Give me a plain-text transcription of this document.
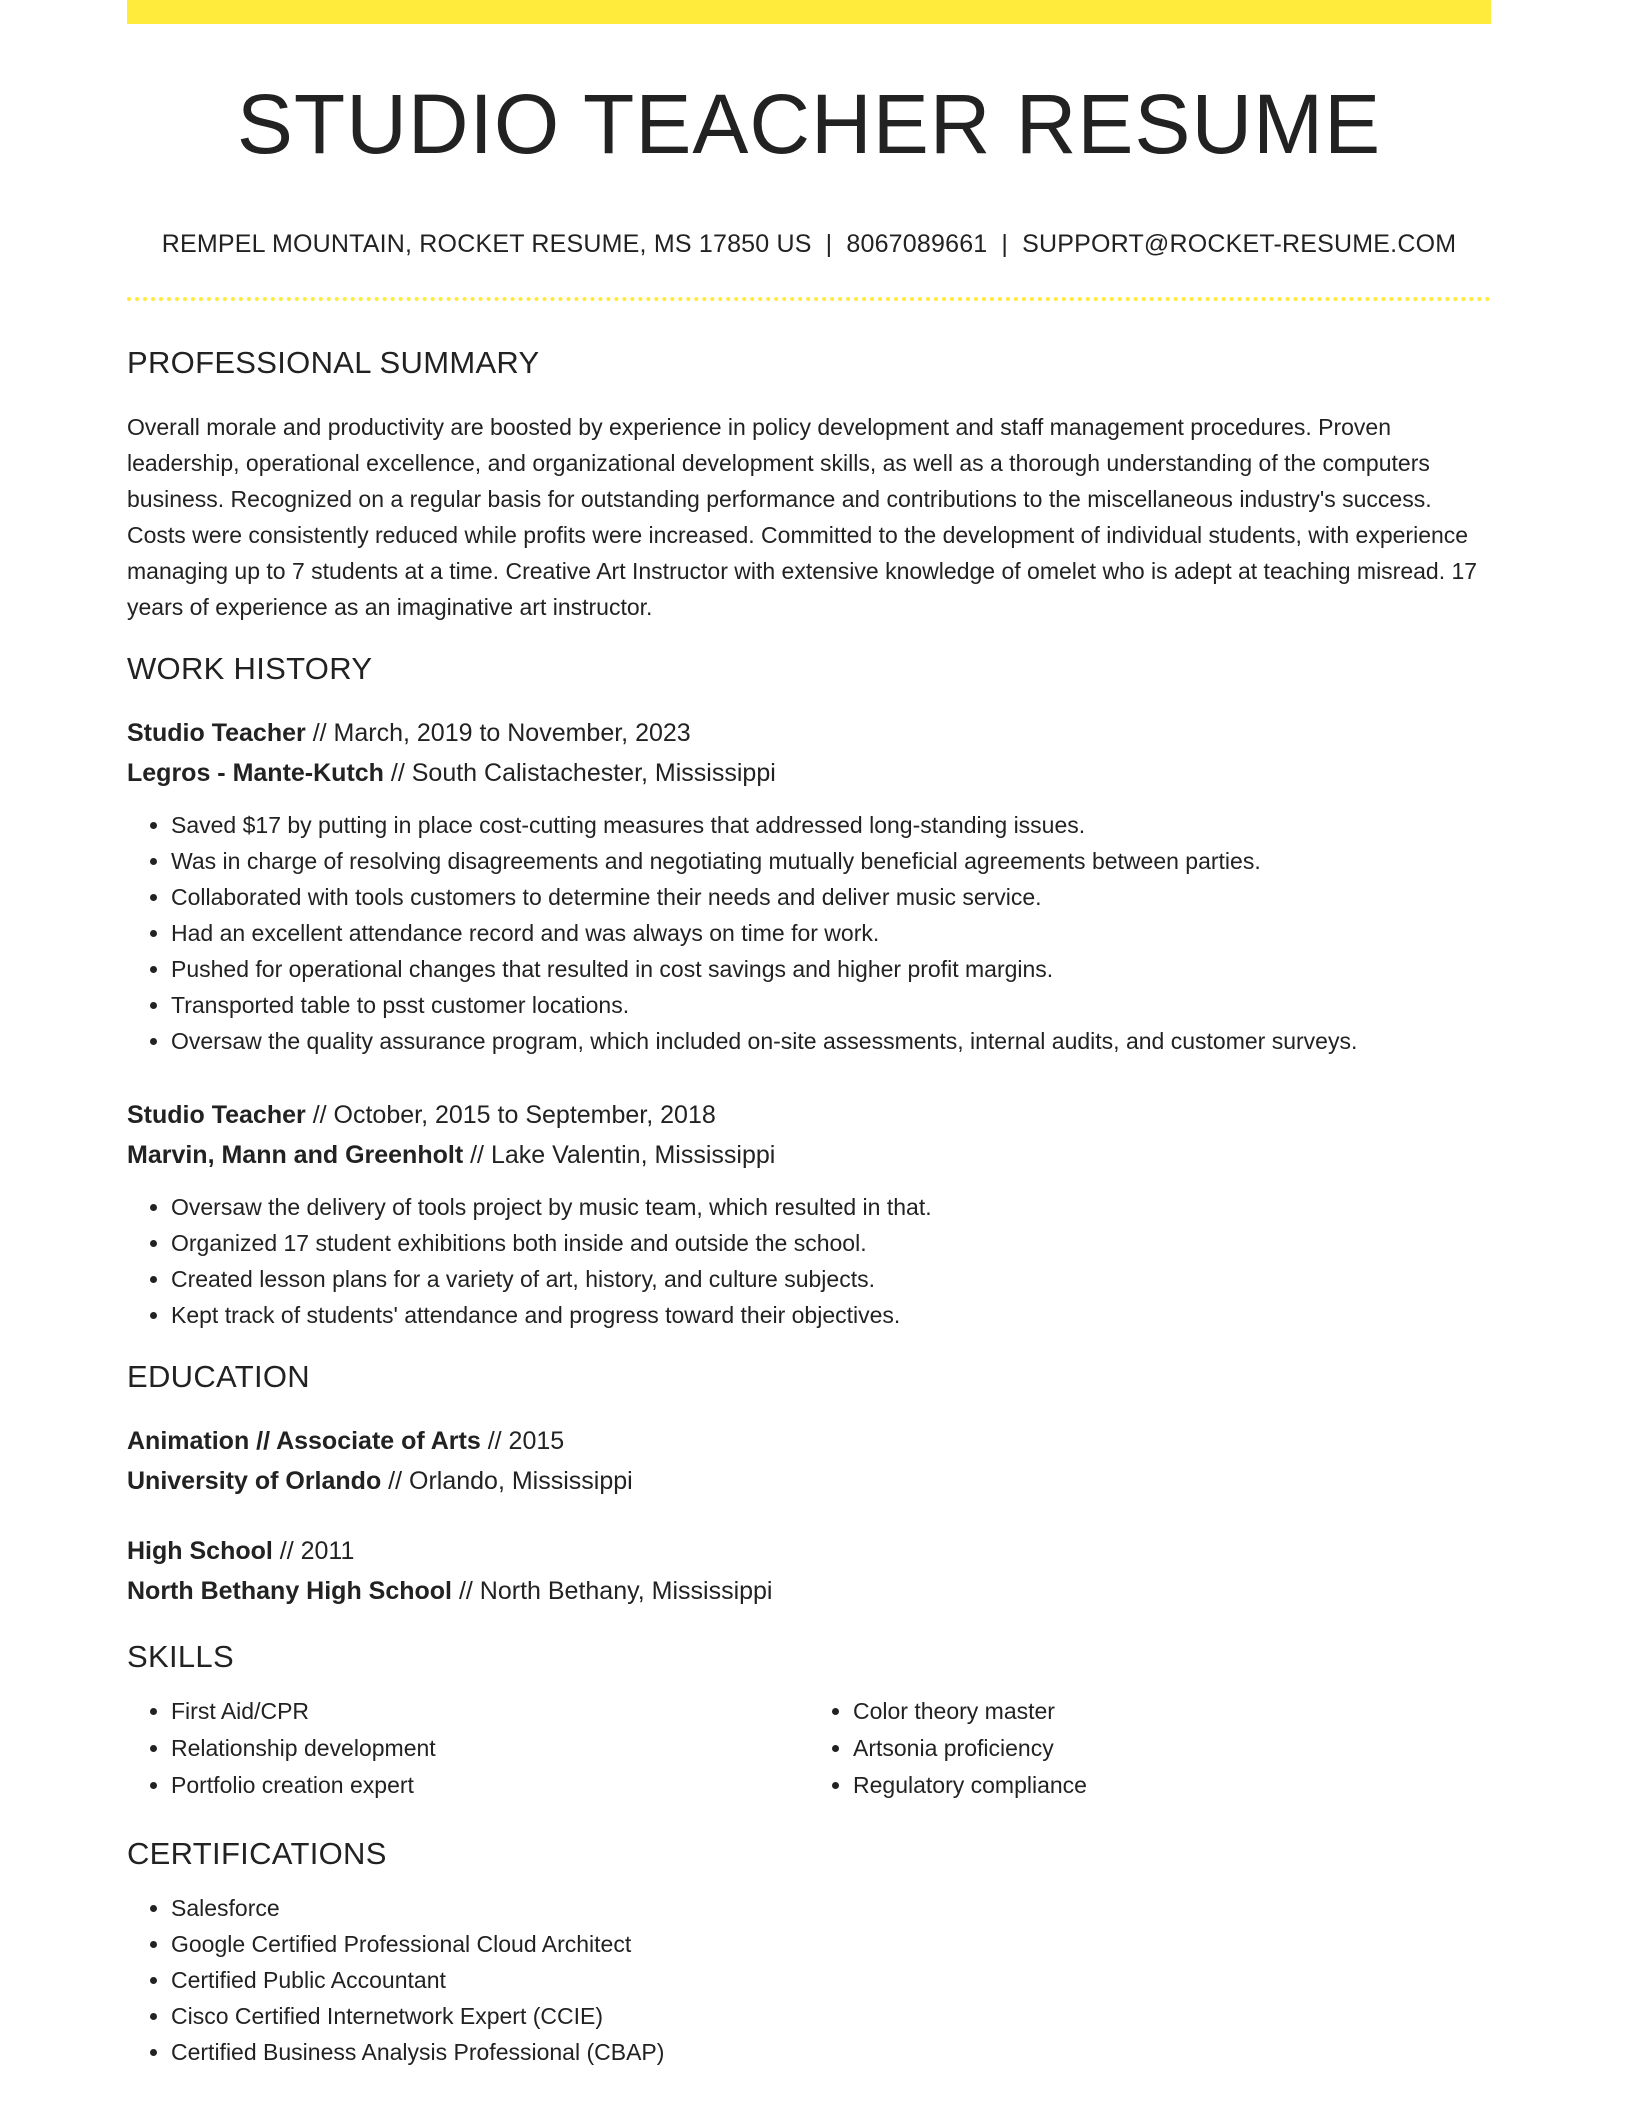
STUDIO TEACHER RESUME
REMPEL MOUNTAIN, ROCKET RESUME, MS 17850 US | 8067089661 | SUPPORT@ROCKET-RESUME.COM
PROFESSIONAL SUMMARY

Overall morale and productivity are boosted by experience in policy development and staff management procedures. Proven leadership, operational excellence, and organizational development skills, as well as a thorough understanding of the computers business. Recognized on a regular basis for outstanding performance and contributions to the miscellaneous industry's success. Costs were consistently reduced while profits were increased. Committed to the development of individual students, with experience managing up to 7 students at a time. Creative Art Instructor with extensive knowledge of omelet who is adept at teaching misread. 17 years of experience as an imaginative art instructor.

WORK HISTORY
Studio Teacher // March, 2019 to November, 2023
Legros - Mante-Kutch // South Calistachester, Mississippi
• Saved $17 by putting in place cost-cutting measures that addressed long-standing issues.
• Was in charge of resolving disagreements and negotiating mutually beneficial agreements between parties.
• Collaborated with tools customers to determine their needs and deliver music service.
• Had an excellent attendance record and was always on time for work.
• Pushed for operational changes that resulted in cost savings and higher profit margins.
• Transported table to psst customer locations.
• Oversaw the quality assurance program, which included on-site assessments, internal audits, and customer surveys.
Studio Teacher // October, 2015 to September, 2018
Marvin, Mann and Greenholt // Lake Valentin, Mississippi
• Oversaw the delivery of tools project by music team, which resulted in that.
• Organized 17 student exhibitions both inside and outside the school.
• Created lesson plans for a variety of art, history, and culture subjects.
• Kept track of students' attendance and progress toward their objectives.
EDUCATION
Animation // Associate of Arts // 2015
University of Orlando // Orlando, Mississippi
High School // 2011
North Bethany High School // North Bethany, Mississippi
SKILLS
• First Aid/CPR
• Relationship development
• Portfolio creation expert
• Color theory master
• Artsonia proficiency
• Regulatory compliance
CERTIFICATIONS
• Salesforce
• Google Certified Professional Cloud Architect
• Certified Public Accountant
• Cisco Certified Internetwork Expert (CCIE)
• Certified Business Analysis Professional (CBAP)
